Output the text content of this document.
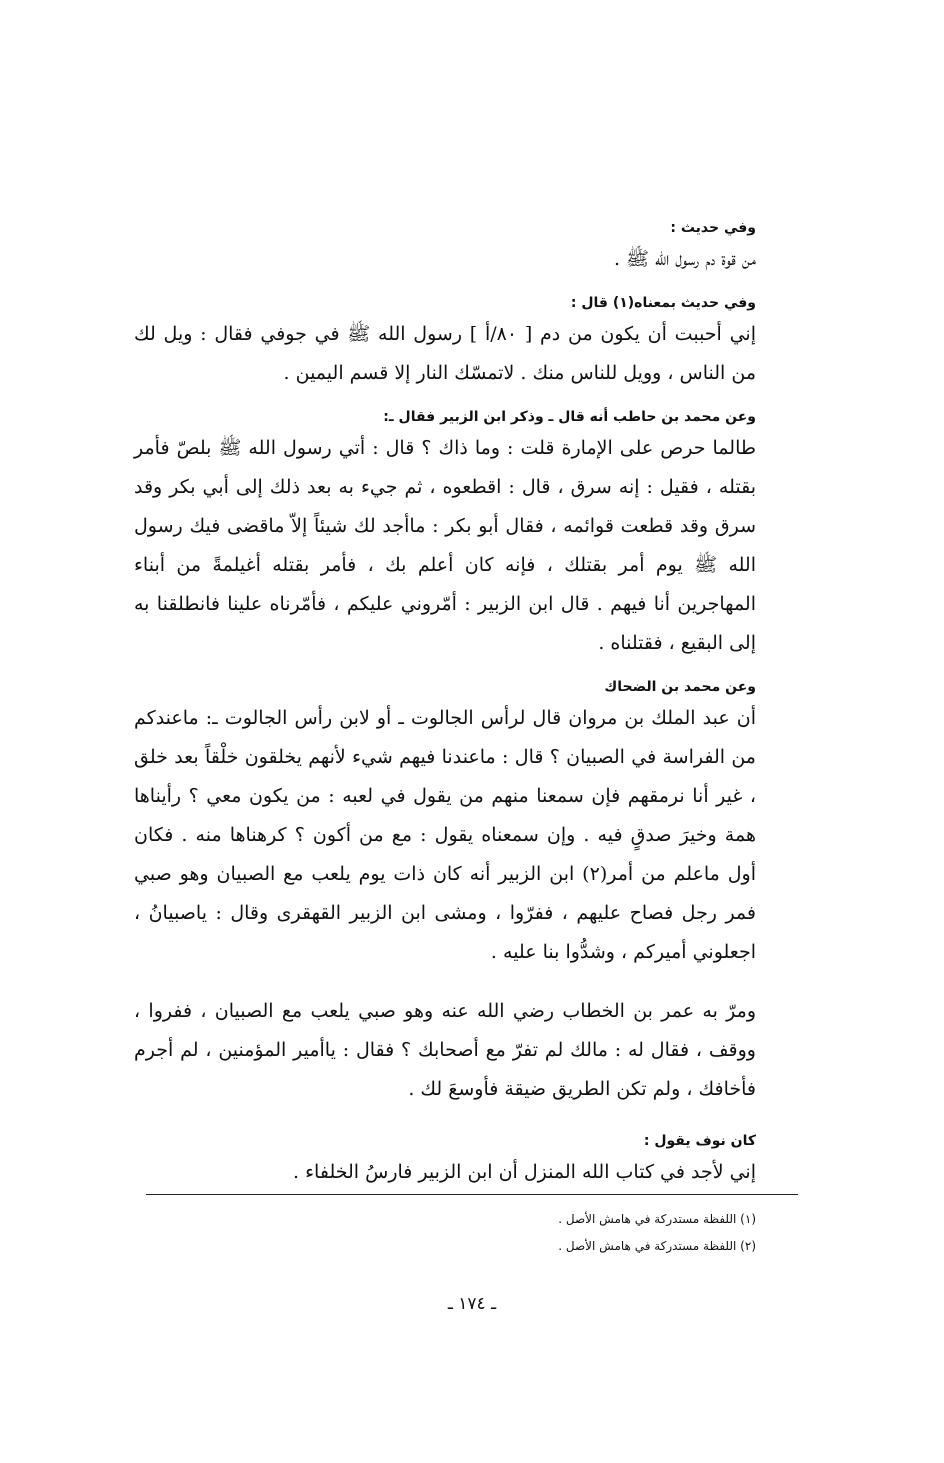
وفي حديث :

من قوة دم رسول الله ﷺ .

وفي حديث بمعناه(١) قال :

إني أحببت أن يكون من دم [ ٨٠/أ ] رسول الله ﷺ في جوفي فقال : ويل لك من الناس ، وويل للناس منك . لاتمسّك النار إلا قسم اليمين .

وعن محمد بن حاطب أنه قال ـ وذكر ابن الزبير فقال ـ:

طالما حرص على الإمارة قلت : وما ذاك ؟ قال : أتي رسول الله ﷺ بلصّ فأمر بقتله ، فقيل : إنه سرق ، قال : اقطعوه ، ثم جيء به بعد ذلك إلى أبي بكر وقد سرق وقد قطعت قوائمه ، فقال أبو بكر : ماأجد لك شيئاً إلاّ ماقضى فيك رسول الله ﷺ يوم أمر بقتلك ، فإنه كان أعلم بك ، فأمر بقتله أغيلمةً من أبناء المهاجرين أنا فيهم . قال ابن الزبير : أمّروني عليكم ، فأمّرناه علينا فانطلقنا به إلى البقيع ، فقتلناه .

وعن محمد بن الضحاك

أن عبد الملك بن مروان قال لرأس الجالوت ـ أو لابن رأس الجالوت ـ: ماعندكم من الفراسة في الصبيان ؟ قال : ماعندنا فيهم شيء لأنهم يخلقون خلْقاً بعد خلق ، غير أنا نرمقهم فإن سمعنا منهم من يقول في لعبه : من يكون معي ؟ رأيناها همة وخيرَ صدقٍ فيه . وإن سمعناه يقول : مع من أكون ؟ كرهناها منه . فكان أول ماعلم من أمر(٢) ابن الزبير أنه كان ذات يوم يلعب مع الصبيان وهو صبي فمر رجل فصاح عليهم ، ففرّوا ، ومشى ابن الزبير القهقرى وقال : ياصبيانُ ، اجعلوني أميركم ، وشدُّوا بنا عليه .

ومرّ به عمر بن الخطاب رضي الله عنه وهو صبي يلعب مع الصبيان ، ففروا ، ووقف ، فقال له : مالك لم تفرّ مع أصحابك ؟ فقال : ياأمير المؤمنين ، لم أجرم فأخافك ، ولم تكن الطريق ضيقة فأوسعَ لك .

كان نوف يقول :

إني لأجد في كتاب الله المنزل أن ابن الزبير فارسُ الخلفاء .

(١) اللفظة مستدركة في هامش الأصل .

(٢) اللفظة مستدركة في هامش الأصل .

ـ ١٧٤ ـ
